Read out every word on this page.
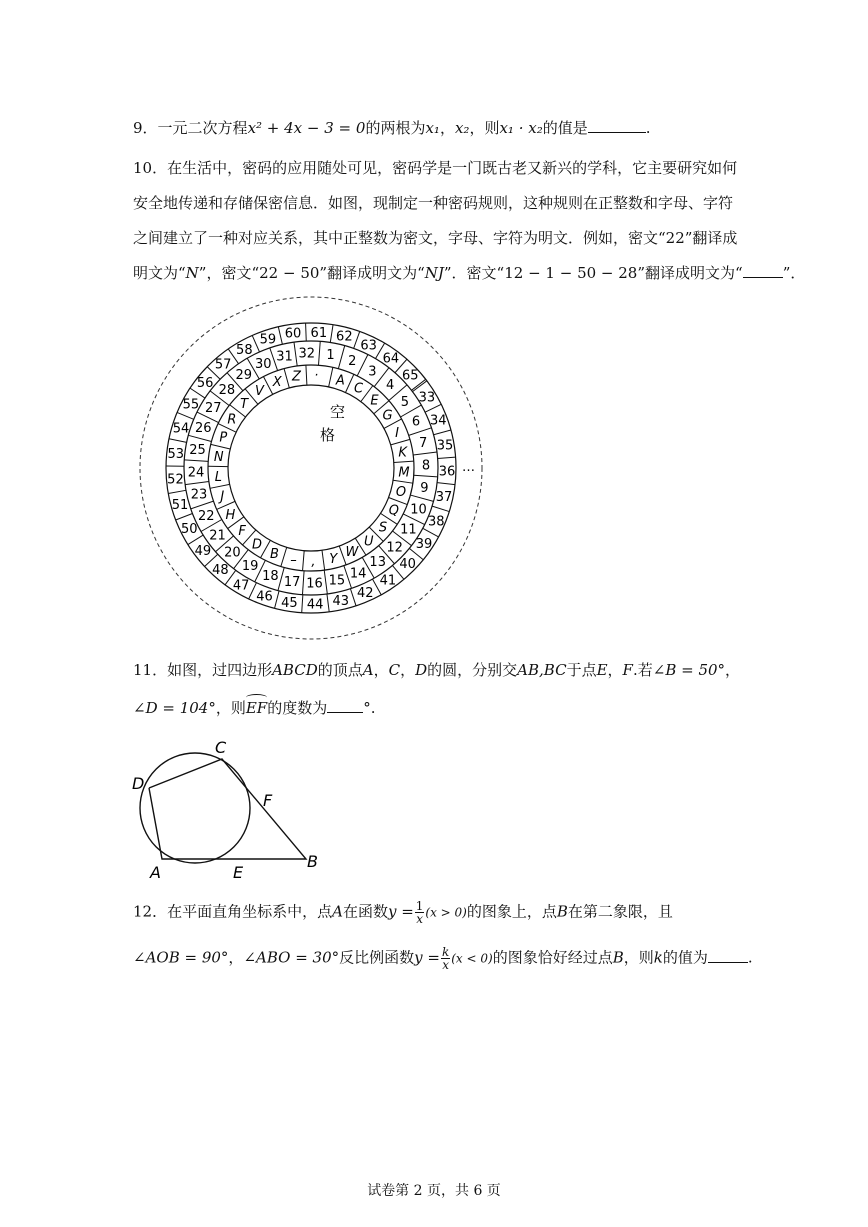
9．一元二次方程x² + 4x − 3 = 0的两根为x₁，x₂，则x₁ · x₂的值是	.
10．在生活中，密码的应用随处可见，密码学是一门既古老又新兴的学科，它主要研究如何
安全地传递和存储保密信息．如图，现制定一种密码规则，这种规则在正整数和字母、字符
之间建立了一种对应关系，其中正整数为密文，字母、字符为明文．例如，密文“22”翻译成
明文为“N”，密文“22 − 50”翻译成明文为“NJ”．密文“12 − 1 − 50 − 28”翻译成明文为“	”．
33
34
35
36
37
38
39
40
41
42
43
44
45
46
47
48
49
50
51
52
53
54
55
56
57
58
59 60 61 62
63
64
65
1 2
3
4
5
6
7
8
9
10
11
12
13
14
15
16
17
18
19
20
21
22
23
24
25
26
27
28
29
30 31 32
A
C
E
G
I
K
M
O
Q
S
U
W
Y
,
–
B
D
F
H
J
L
N
P
R
T
V
X Z ·
空
格
…
11．如图，过四边形ABCD的顶点A，C，D的圆，分别交AB,BC于点E，F.若∠B = 50°，
∠D = 104°，则EF的度数为 °.
C
D
F
A	E
B
12．在平面直角坐标系中，点A在函数$y = \frac{1}{x} (x > 0)$的图象上，点B在第二象限，且
∠AOB = 90°，∠ABO = 30°反比例函数$y = \frac{k}{x} (x < 0)$的图象恰好经过点B，则k的值为	.
试卷第 2 页，共 6 页
